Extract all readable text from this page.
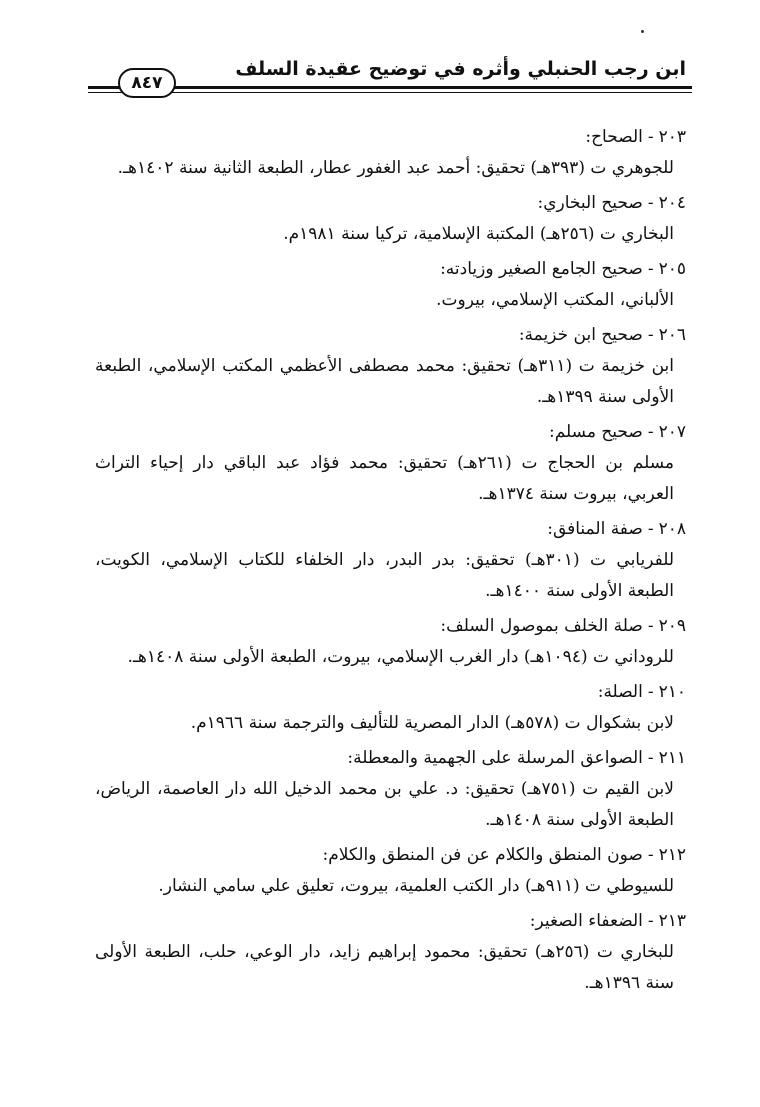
ابن رجب الحنبلي وأثره في توضيح عقيدة السلف
٨٤٧
٢٠٣-الصحاح:
للجوهري ت (٣٩٣هـ) تحقيق: أحمد عبد الغفور عطار، الطبعة الثانية سنة ١٤٠٢هـ.
٢٠٤-صحيح البخاري:
البخاري ت (٢٥٦هـ) المكتبة الإسلامية، تركيا سنة ١٩٨١م.
٢٠٥-صحيح الجامع الصغير وزيادته:
الألباني، المكتب الإسلامي، بيروت.
٢٠٦-صحيح ابن خزيمة:
ابن خزيمة ت (٣١١هـ) تحقيق: محمد مصطفى الأعظمي المكتب الإسلامي، الطبعة الأولى سنة ١٣٩٩هـ.
٢٠٧-صحيح مسلم:
مسلم بن الحجاج ت (٢٦١هـ) تحقيق: محمد فؤاد عبد الباقي دار إحياء التراث العربي، بيروت سنة ١٣٧٤هـ.
٢٠٨-صفة المنافق:
للفريابي ت (٣٠١هـ) تحقيق: بدر البدر، دار الخلفاء للكتاب الإسلامي، الكويت، الطبعة الأولى سنة ١٤٠٠هـ.
٢٠٩-صلة الخلف بموصول السلف:
للروداني ت (١٠٩٤هـ) دار الغرب الإسلامي، بيروت، الطبعة الأولى سنة ١٤٠٨هـ.
٢١٠-الصلة:
لابن بشكوال ت (٥٧٨هـ) الدار المصرية للتأليف والترجمة سنة ١٩٦٦م.
٢١١-الصواعق المرسلة على الجهمية والمعطلة:
لابن القيم ت (٧٥١هـ) تحقيق: د. علي بن محمد الدخيل الله دار العاصمة، الرياض، الطبعة الأولى سنة ١٤٠٨هـ.
٢١٢-صون المنطق والكلام عن فن المنطق والكلام:
للسيوطي ت (٩١١هـ) دار الكتب العلمية، بيروت، تعليق علي سامي النشار.
٢١٣-الضعفاء الصغير:
للبخاري ت (٢٥٦هـ) تحقيق: محمود إبراهيم زايد، دار الوعي، حلب، الطبعة الأولى سنة ١٣٩٦هـ.
